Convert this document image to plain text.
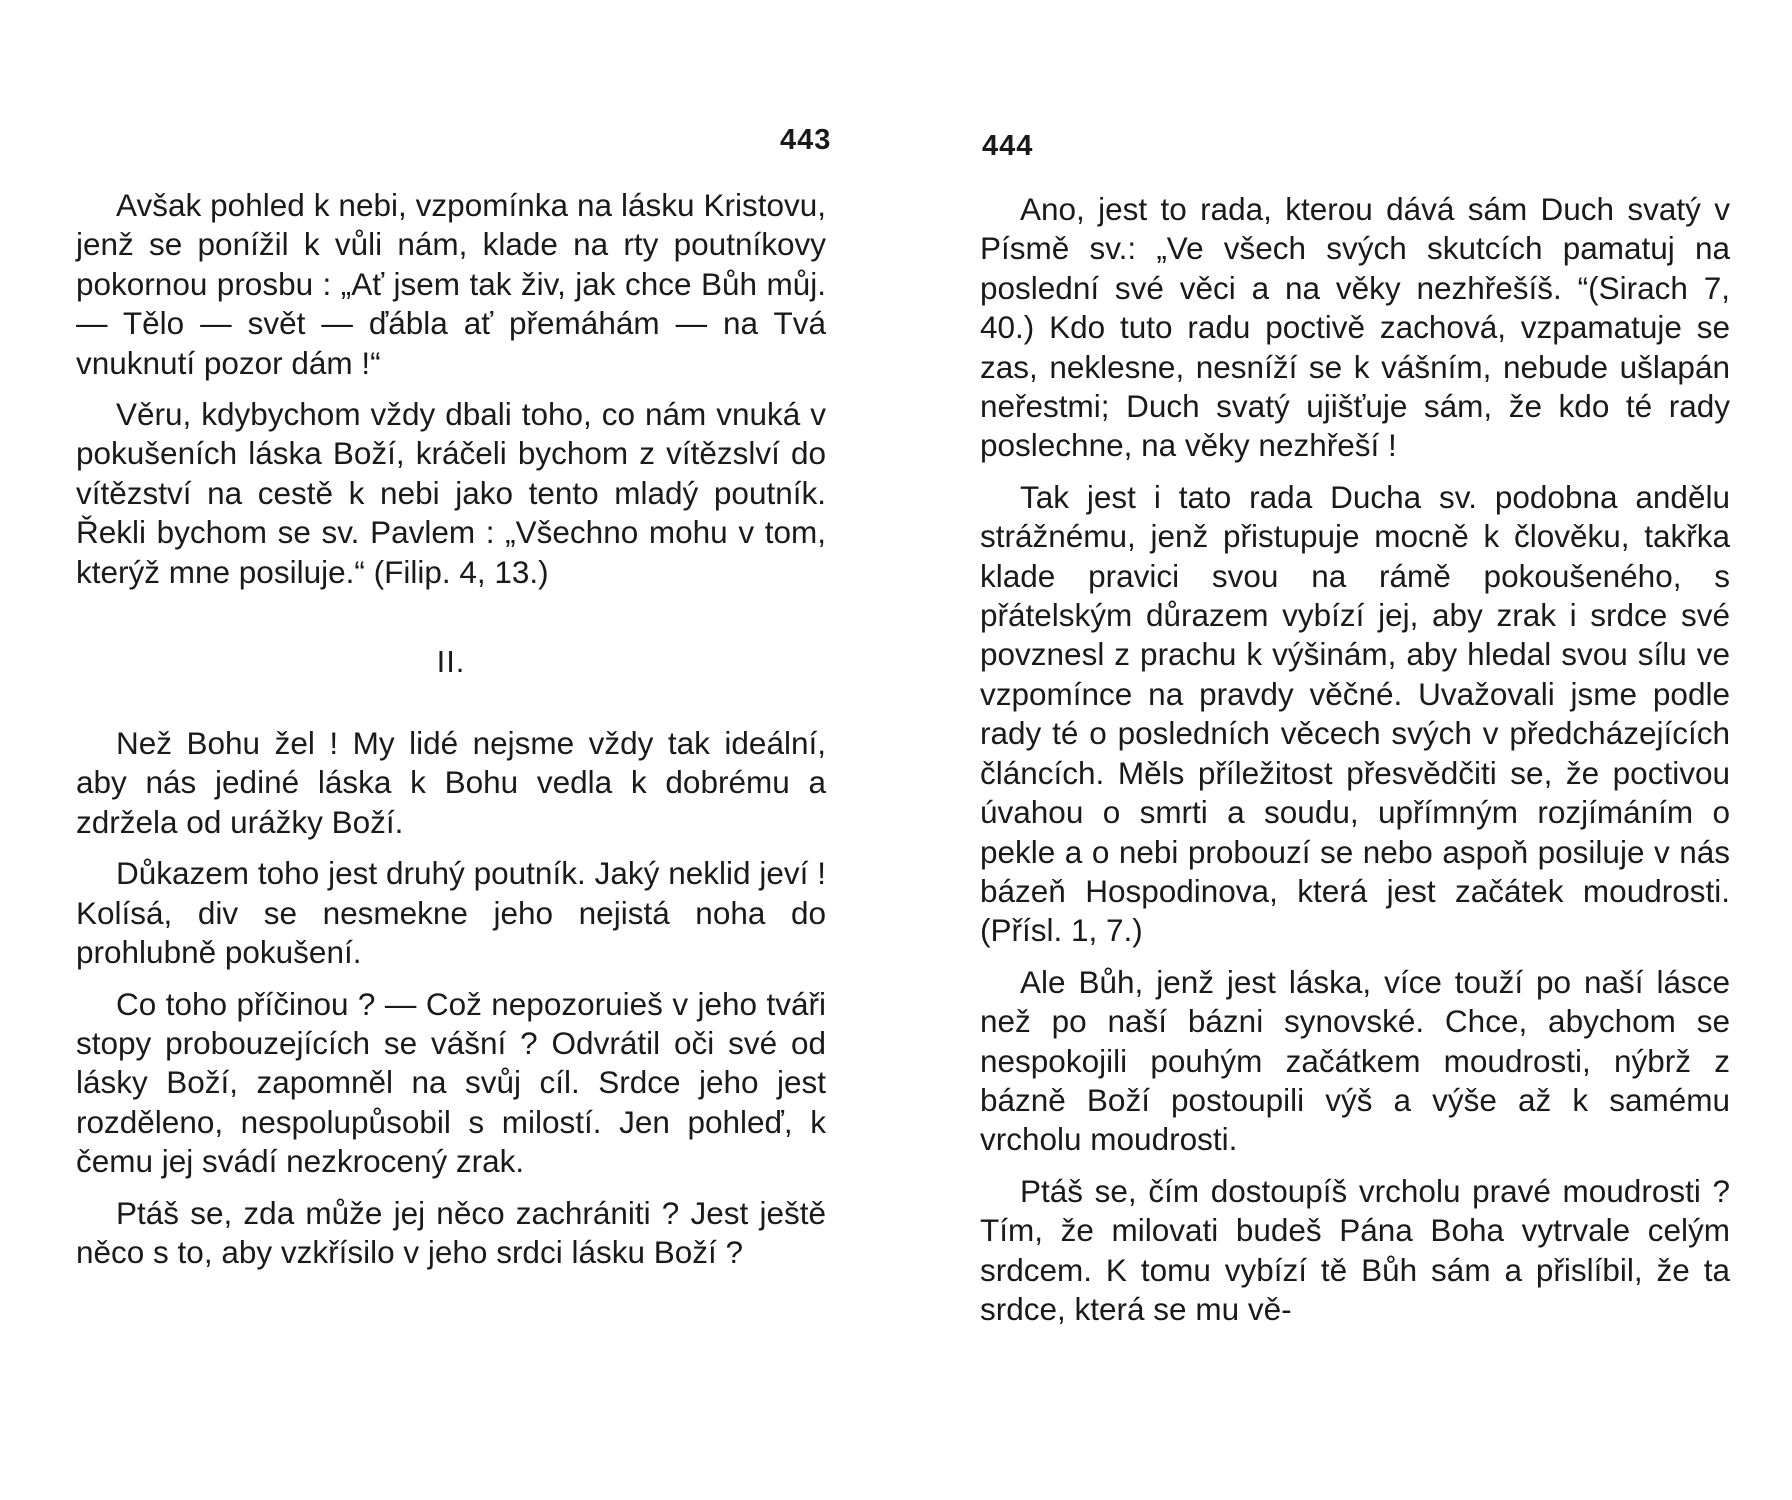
443

Avšak pohled k nebi, vzpomínka na lásku Kristovu, jenž se ponížil k vůli nám, klade na rty poutníkovy pokornou prosbu : „Ať jsem tak živ, jak chce Bůh můj. — Tělo — svět — ďábla ať přemáhám — na Tvá vnuknutí pozor dám !“

Věru, kdybychom vždy dbali toho, co nám vnuká v pokušeních láska Boží, kráčeli bychom z vítězslví do vítězství na cestě k nebi jako tento mladý poutník. Řekli bychom se sv. Pavlem : „Všechno mohu v tom, kterýž mne posiluje.“ (Filip. 4, 13.)

II.

Než Bohu žel ! My lidé nejsme vždy tak ideální, aby nás jediné láska k Bohu vedla k dobrému a zdržela od urážky Boží.

Důkazem toho jest druhý poutník. Jaký neklid jeví ! Kolísá, div se nesmekne jeho nejistá noha do prohlubně pokušení.

Co toho příčinou ? — Což nepozoruieš v jeho tváři stopy probouzejících se vášní ? Odvrátil oči své od lásky Boží, zapomněl na svůj cíl. Srdce jeho jest rozděleno, nespolupůsobil s milostí. Jen pohleď, k čemu jej svádí nezkrocený zrak.

Ptáš se, zda může jej něco zachrániti ? Jest ještě něco s to, aby vzkřísilo v jeho srdci lásku Boží ?

444

Ano, jest to rada, kterou dává sám Duch svatý v Písmě sv.: „Ve všech svých skutcích pamatuj na poslední své věci a na věky nezhřešíš. “(Sirach 7, 40.) Kdo tuto radu poctivě zachová, vzpamatuje se zas, neklesne, nesníží se k vášním, nebude ušlapán neřestmi; Duch svatý ujišťuje sám, že kdo té rady poslechne, na věky nezhřeší !

Tak jest i tato rada Ducha sv. podobna andělu strážnému, jenž přistupuje mocně k člověku, takřka klade pravici svou na rámě pokoušeného, s přátelským důrazem vybízí jej, aby zrak i srdce své povznesl z prachu k výšinám, aby hledal svou sílu ve vzpomínce na pravdy věčné. Uvažovali jsme podle rady té o posledních věcech svých v předcházejících článcích. Měls příležitost přesvědčiti se, že poctivou úvahou o smrti a soudu, upřímným rozjímáním o pekle a o nebi probouzí se nebo aspoň posiluje v nás bázeň Hospodinova, která jest začátek moudrosti. (Přísl. 1, 7.)

Ale Bůh, jenž jest láska, více touží po naší lásce než po naší bázni synovské. Chce, abychom se nespokojili pouhým začátkem moudrosti, nýbrž z bázně Boží postoupili výš a výše až k samému vrcholu moudrosti.

Ptáš se, čím dostoupíš vrcholu pravé moudrosti ? Tím, že milovati budeš Pána Boha vytrvale celým srdcem. K tomu vybízí tě Bůh sám a přislíbil, že ta srdce, která se mu vě-
